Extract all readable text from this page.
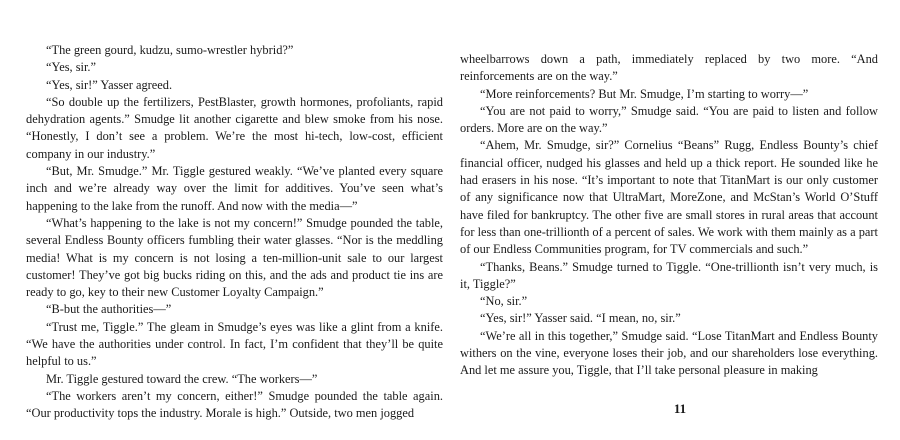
“The green gourd, kudzu, sumo-wrestler hybrid?”

“Yes, sir.”

“Yes, sir!” Yasser agreed.

“So double up the fertilizers, PestBlaster, growth hormones, profoliants, rapid dehydration agents.” Smudge lit another cigarette and blew smoke from his nose. “Honestly, I don’t see a problem. We’re the most hi-tech, low-cost, efficient company in our industry.”

“But, Mr. Smudge.” Mr. Tiggle gestured weakly. “We’ve planted every square inch and we’re already way over the limit for additives. You’ve seen what’s happening to the lake from the runoff. And now with the media—”

“What’s happening to the lake is not my concern!” Smudge pounded the table, several Endless Bounty officers fumbling their water glasses. “Nor is the meddling media! What is my concern is not losing a ten-million-unit sale to our largest customer! They’ve got big bucks riding on this, and the ads and product tie ins are ready to go, key to their new Customer Loyalty Campaign.”

“B-but the authorities—”

“Trust me, Tiggle.” The gleam in Smudge’s eyes was like a glint from a knife. “We have the authorities under control. In fact, I’m confident that they’ll be quite helpful to us.”

Mr. Tiggle gestured toward the crew. “The workers—”

“The workers aren’t my concern, either!” Smudge pounded the table again. “Our productivity tops the industry. Morale is high.” Outside, two men jogged

wheelbarrows down a path, immediately replaced by two more. “And reinforcements are on the way.”

“More reinforcements? But Mr. Smudge, I’m starting to worry—”

“You are not paid to worry,” Smudge said. “You are paid to listen and follow orders. More are on the way.”

“Ahem, Mr. Smudge, sir?” Cornelius “Beans” Rugg, Endless Bounty’s chief financial officer, nudged his glasses and held up a thick report. He sounded like he had erasers in his nose. “It’s important to note that TitanMart is our only customer of any significance now that UltraMart, MoreZone, and McStan’s World O’Stuff have filed for bankruptcy. The other five are small stores in rural areas that account for less than one-trillionth of a percent of sales. We work with them mainly as a part of our Endless Communities program, for TV commercials and such.”

“Thanks, Beans.” Smudge turned to Tiggle. “One-trillionth isn’t very much, is it, Tiggle?”

“No, sir.”

“Yes, sir!” Yasser said. “I mean, no, sir.”

“We’re all in this together,” Smudge said. “Lose TitanMart and Endless Bounty withers on the vine, everyone loses their job, and our shareholders lose everything. And let me assure you, Tiggle, that I’ll take personal pleasure in making

11
